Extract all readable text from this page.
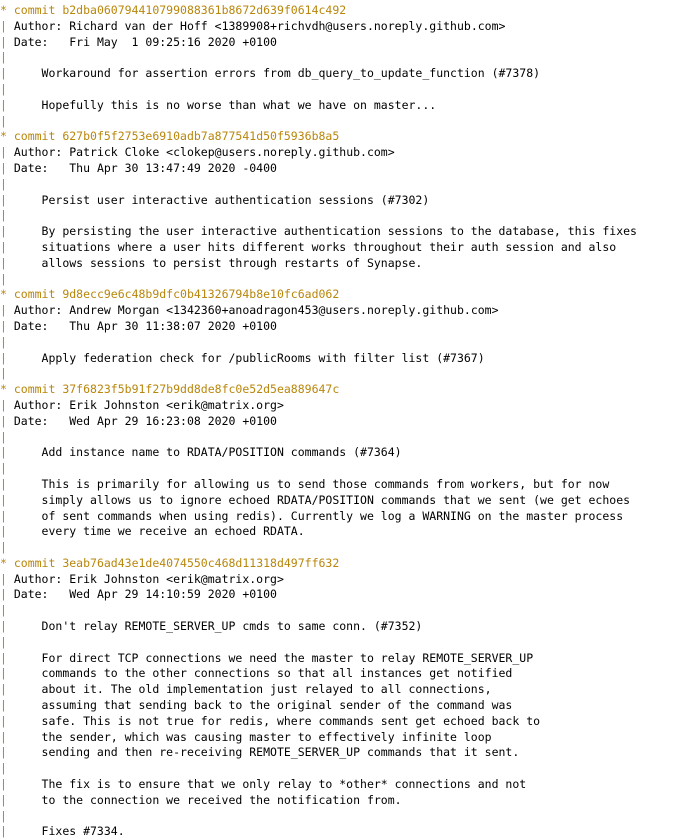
* commit b2dba060794410799088361b8672d639f0614c492
| Author: Richard van der Hoff <1389908+richvdh@users.noreply.github.com>
| Date:   Fri May  1 09:25:16 2020 +0100
|
|     Workaround for assertion errors from db_query_to_update_function (#7378)
|
|     Hopefully this is no worse than what we have on master...
|
* commit 627b0f5f2753e6910adb7a877541d50f5936b8a5
| Author: Patrick Cloke <clokep@users.noreply.github.com>
| Date:   Thu Apr 30 13:47:49 2020 -0400
|
|     Persist user interactive authentication sessions (#7302)
|
|     By persisting the user interactive authentication sessions to the database, this fixes
|     situations where a user hits different works throughout their auth session and also
|     allows sessions to persist through restarts of Synapse.
|
* commit 9d8ecc9e6c48b9dfc0b41326794b8e10fc6ad062
| Author: Andrew Morgan <1342360+anoadragon453@users.noreply.github.com>
| Date:   Thu Apr 30 11:38:07 2020 +0100
|
|     Apply federation check for /publicRooms with filter list (#7367)
|
* commit 37f6823f5b91f27b9dd8de8fc0e52d5ea889647c
| Author: Erik Johnston <erik@matrix.org>
| Date:   Wed Apr 29 16:23:08 2020 +0100
|
|     Add instance name to RDATA/POSITION commands (#7364)
|
|     This is primarily for allowing us to send those commands from workers, but for now
|     simply allows us to ignore echoed RDATA/POSITION commands that we sent (we get echoes
|     of sent commands when using redis). Currently we log a WARNING on the master process
|     every time we receive an echoed RDATA.
|
* commit 3eab76ad43e1de4074550c468d11318d497ff632
| Author: Erik Johnston <erik@matrix.org>
| Date:   Wed Apr 29 14:10:59 2020 +0100
|
|     Don't relay REMOTE_SERVER_UP cmds to same conn. (#7352)
|
|     For direct TCP connections we need the master to relay REMOTE_SERVER_UP
|     commands to the other connections so that all instances get notified
|     about it. The old implementation just relayed to all connections,
|     assuming that sending back to the original sender of the command was
|     safe. This is not true for redis, where commands sent get echoed back to
|     the sender, which was causing master to effectively infinite loop
|     sending and then re-receiving REMOTE_SERVER_UP commands that it sent.
|
|     The fix is to ensure that we only relay to *other* connections and not
|     to the connection we received the notification from.
|
|     Fixes #7334.
